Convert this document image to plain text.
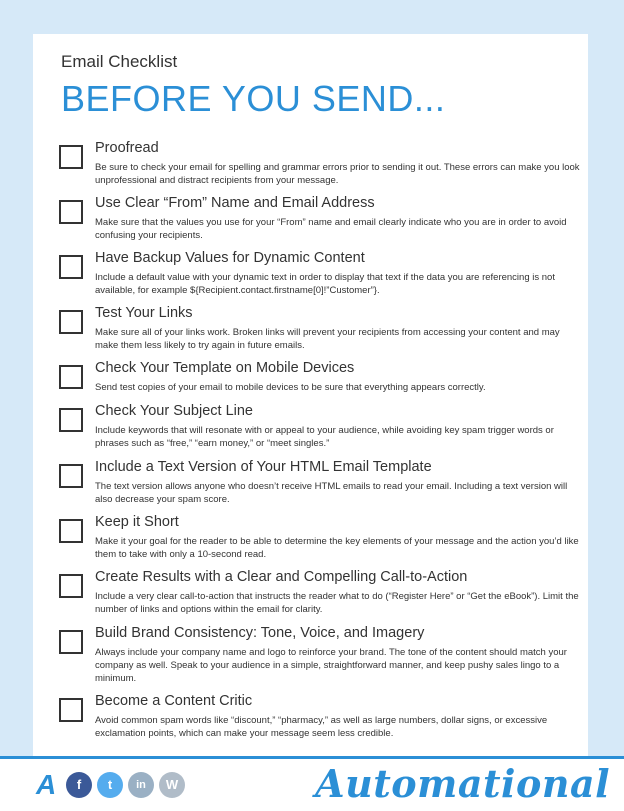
Email Checklist
BEFORE YOU SEND...
Proofread
Be sure to check your email for spelling and grammar errors prior to sending it out. These errors can make you look unprofessional and distract recipients from your message.
Use Clear “From” Name and Email Address
Make sure that the values you use for your “From” name and email clearly indicate who you are in order to avoid confusing your recipients.
Have Backup Values for Dynamic Content
Include a default value with your dynamic text in order to display that text if the data you are referencing is not available, for example ${Recipient.contact.firstname[0]!”Customer”}.
Test Your Links
Make sure all of your links work. Broken links will prevent your recipients from accessing your content and may make them less likely to try again in future emails.
Check Your Template on Mobile Devices
Send test copies of your email to mobile devices to be sure that everything appears correctly.
Check Your Subject Line
Include keywords that will resonate with or appeal to your audience, while avoiding key spam trigger words or phrases such as “free,” “earn money,” or “meet singles.”
Include a Text Version of Your HTML Email Template
The text version allows anyone who doesn’t receive HTML emails to read your email. Including a text version will also decrease your spam score.
Keep it Short
Make it your goal for the reader to be able to determine the key elements of your message and the action you’d like them to take with only a 10-second read.
Create Results with a Clear and Compelling Call-to-Action
Include a very clear call-to-action that instructs the reader what to do (“Register Here” or “Get the eBook”). Limit the number of links and options within the email for clarity.
Build Brand Consistency: Tone, Voice, and Imagery
Always include your company name and logo to reinforce your brand. The tone of the content should match your company as well. Speak to your audience in a simple, straightforward manner, and keep pushy sales lingo to a minimum.
Become a Content Critic
Avoid common spam words like “discount,” “pharmacy,” as well as large numbers, dollar signs, or excessive exclamation points, which can make your message seem less credible.
A	f	t	in	W	Automational
